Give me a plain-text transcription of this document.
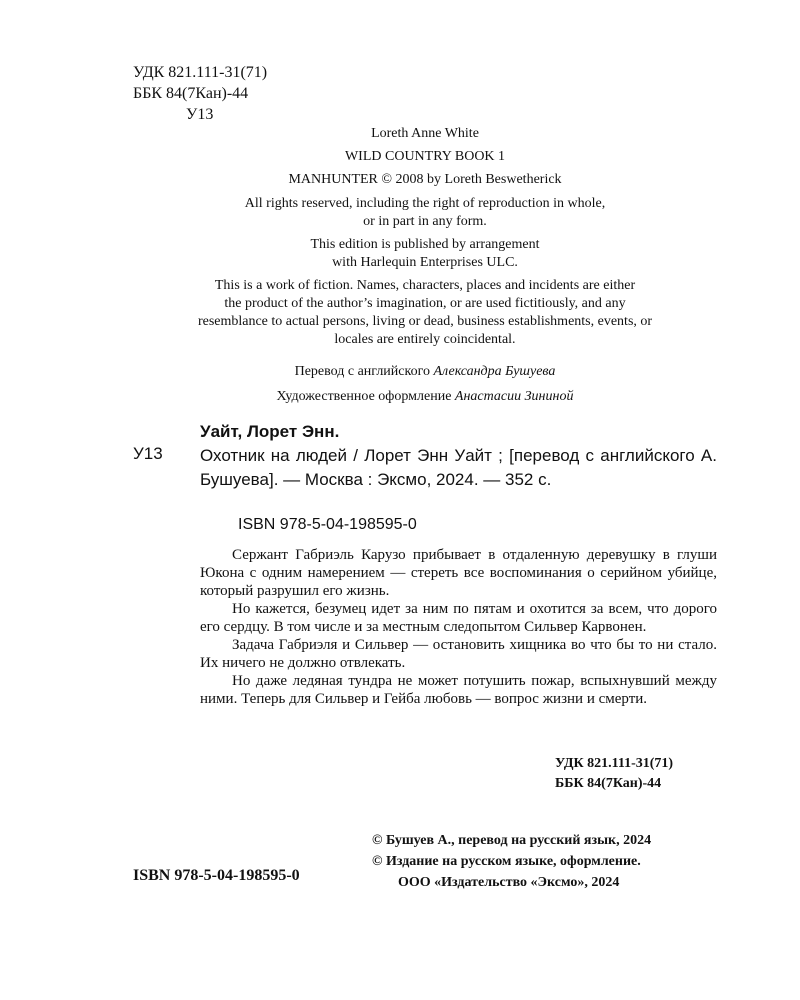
УДК 821.111-31(71)
ББК 84(7Кан)-44
У13

Loreth Anne White

WILD COUNTRY BOOK 1

MANHUNTER © 2008 by Loreth Beswetherick

All rights reserved, including the right of reproduction in whole,

or in part in any form.

This edition is published by arrangement

with Harlequin Enterprises ULC.

This is a work of fiction. Names, characters, places and incidents are either

the product of the author’s imagination, or are used fictitiously, and any

resemblance to actual persons, living or dead, business establishments, events, or

locales are entirely coincidental.

Перевод с английского Александра Бушуева

Художественное оформление Анастасии Зининой

Уайт, Лорет Энн.
У13 Охотник на людей / Лорет Энн Уайт ; [перевод с английского А. Бушуева]. — Москва : Эксмо, 2024. — 352 с.
ISBN 978-5-04-198595-0

Сержант Габриэль Карузо прибывает в отдаленную деревушку в глуши Юкона с одним намерением — стереть все воспоминания о серийном убийце, который разрушил его жизнь.

Но кажется, безумец идет за ним по пятам и охотится за всем, что дорого его сердцу. В том числе и за местным следопытом Сильвер Карвонен.

Задача Габриэля и Сильвер — остановить хищника во что бы то ни стало. Их ничего не должно отвлекать.

Но даже ледяная тундра не может потушить пожар, вспыхнувший между ними. Теперь для Сильвер и Гейба любовь — вопрос жизни и смерти.

УДК 821.111-31(71)
ББК 84(7Кан)-44
© Бушуев А., перевод на русский язык, 2024
© Издание на русском языке, оформление.
ООО «Издательство «Эксмо», 2024
ISBN 978-5-04-198595-0
